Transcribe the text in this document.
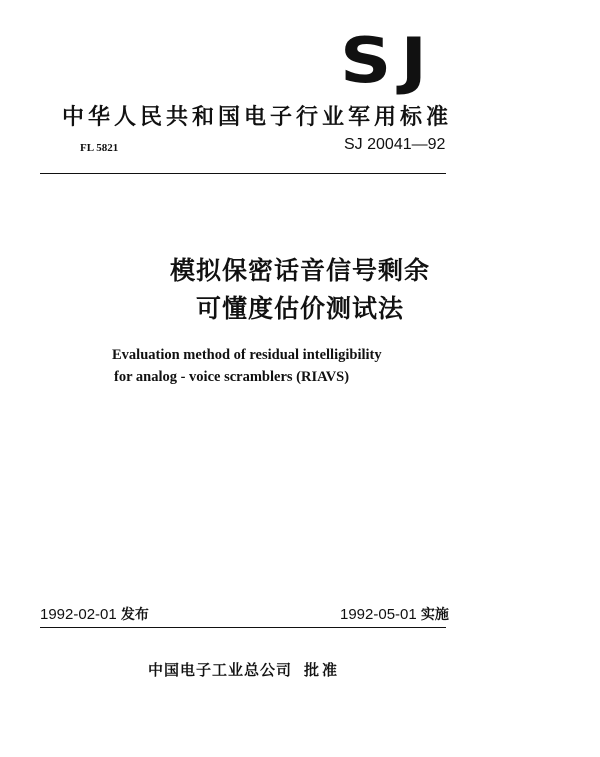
SJ
中华人民共和国电子行业军用标准
FL 5821	SJ 20041—92
模拟保密话音信号剩余
可懂度估价测试法
Evaluation method of residual intelligibility
for analog - voice scramblers (RIAVS)
1992-02-01 发布	1992-05-01 实施
中国电子工业总公司 批准
